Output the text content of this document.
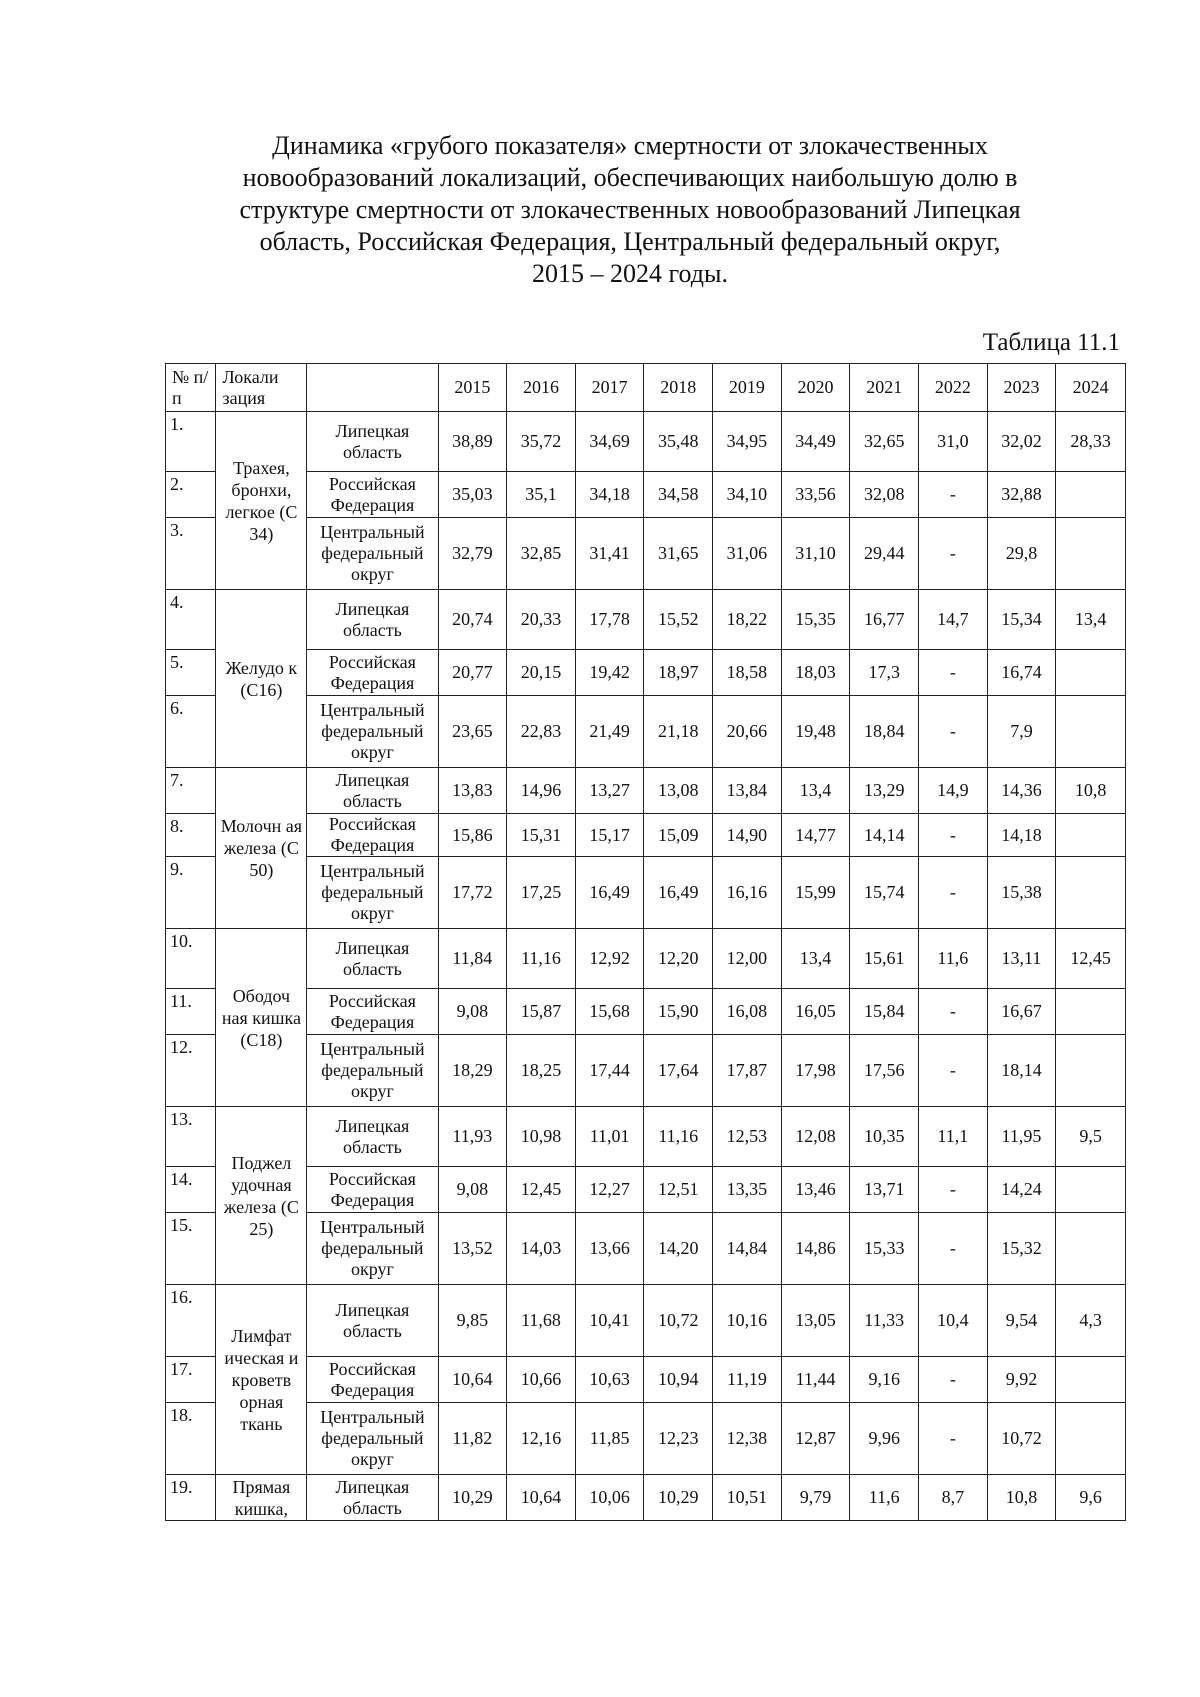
Динамика «грубого показателя» смертности от злокачественных
новообразований локализаций, обеспечивающих наибольшую долю в
структуре смертности от злокачественных новообразований Липецкая
область, Российская Федерация, Центральный федеральный округ,
2015 – 2024 годы.
Таблица 11.1
№ п/п	Локали зация		2015	2016	2017	2018	2019	2020	2021	2022	2023	2024
1.	Трахея, бронхи, легкое (С 34)	Липецкая область	38,89	35,72	34,69	35,48	34,95	34,49	32,65	31,0	32,02	28,33
2.		Российская Федерация	35,03	35,1	34,18	34,58	34,10	33,56	32,08	-	32,88	
3.		Центральный федеральный округ	32,79	32,85	31,41	31,65	31,06	31,10	29,44	-	29,8	
4.	Желудо к (С16)	Липецкая область	20,74	20,33	17,78	15,52	18,22	15,35	16,77	14,7	15,34	13,4
5.		Российская Федерация	20,77	20,15	19,42	18,97	18,58	18,03	17,3	-	16,74	
6.		Центральный федеральный округ	23,65	22,83	21,49	21,18	20,66	19,48	18,84	-	7,9	
7.	Молочн ая железа (С 50)	Липецкая область	13,83	14,96	13,27	13,08	13,84	13,4	13,29	14,9	14,36	10,8
8.		Российская Федерация	15,86	15,31	15,17	15,09	14,90	14,77	14,14	-	14,18	
9.		Центральный федеральный округ	17,72	17,25	16,49	16,49	16,16	15,99	15,74	-	15,38	
10.	Ободоч ная кишка (С18)	Липецкая область	11,84	11,16	12,92	12,20	12,00	13,4	15,61	11,6	13,11	12,45
11.		Российская Федерация	9,08	15,87	15,68	15,90	16,08	16,05	15,84	-	16,67	
12.		Центральный федеральный округ	18,29	18,25	17,44	17,64	17,87	17,98	17,56	-	18,14	
13.	Поджел удочная железа (С 25)	Липецкая область	11,93	10,98	11,01	11,16	12,53	12,08	10,35	11,1	11,95	9,5
14.		Российская Федерация	9,08	12,45	12,27	12,51	13,35	13,46	13,71	-	14,24	
15.		Центральный федеральный округ	13,52	14,03	13,66	14,20	14,84	14,86	15,33	-	15,32	
16.	Лимфат ическая и кроветв орная ткань	Липецкая область	9,85	11,68	10,41	10,72	10,16	13,05	11,33	10,4	9,54	4,3
17.		Российская Федерация	10,64	10,66	10,63	10,94	11,19	11,44	9,16	-	9,92	
18.		Центральный федеральный округ	11,82	12,16	11,85	12,23	12,38	12,87	9,96	-	10,72	
19.	Прямая кишка,	Липецкая область	10,29	10,64	10,06	10,29	10,51	9,79	11,6	8,7	10,8	9,6
